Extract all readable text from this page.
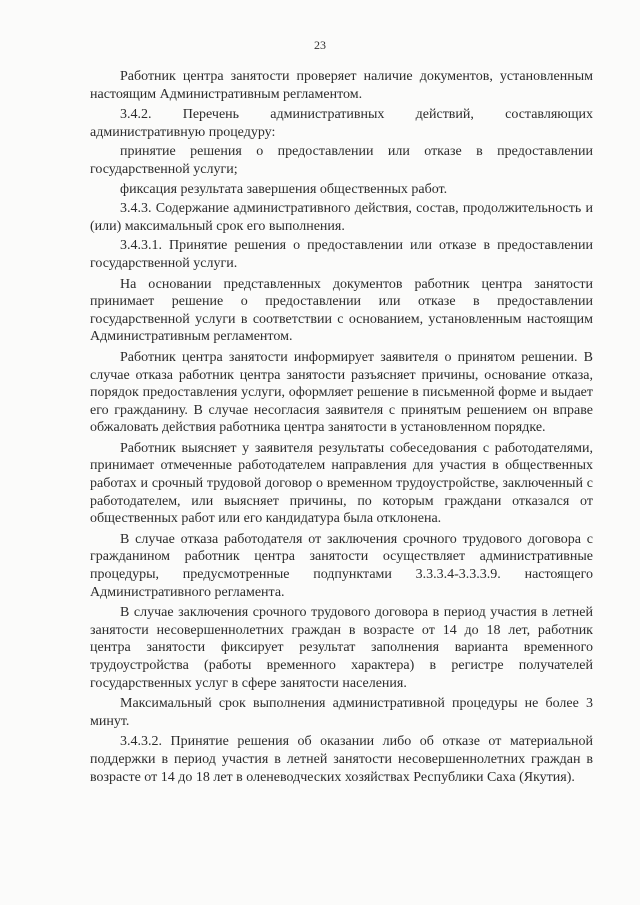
23

Работник центра занятости проверяет наличие документов, установленным настоящим Административным регламентом.

3.4.2. Перечень административных действий, составляющих административную процедуру:

принятие решения о предоставлении или отказе в предоставлении государственной услуги;

фиксация результата завершения общественных работ.

3.4.3. Содержание административного действия, состав, продолжительность и (или) максимальный срок его выполнения.

3.4.3.1. Принятие решения о предоставлении или отказе в предоставлении государственной услуги.

На основании представленных документов работник центра занятости принимает решение о предоставлении или отказе в предоставлении государственной услуги в соответствии с основанием, установленным настоящим Административным регламентом.

Работник центра занятости информирует заявителя о принятом решении. В случае отказа работник центра занятости разъясняет причины, основание отказа, порядок предоставления услуги, оформляет решение в письменной форме и выдает его гражданину. В случае несогласия заявителя с принятым решением он вправе обжаловать действия работника центра занятости в установленном порядке.

Работник выясняет у заявителя результаты собеседования с работодателями, принимает отмеченные работодателем направления для участия в общественных работах и срочный трудовой договор о временном трудоустройстве, заключенный с работодателем, или выясняет причины, по которым граждани отказался от общественных работ или его кандидатура была отклонена.

В случае отказа работодателя от заключения срочного трудового договора с гражданином работник центра занятости осуществляет административные процедуры, предусмотренные подпунктами 3.3.3.4-3.3.3.9. настоящего Административного регламента.

В случае заключения срочного трудового договора в период участия в летней занятости несовершеннолетних граждан в возрасте от 14 до 18 лет, работник центра занятости фиксирует результат заполнения варианта временного трудоустройства (работы временного характера) в регистре получателей государственных услуг в сфере занятости населения.

Максимальный срок выполнения административной процедуры не более 3 минут.

3.4.3.2. Принятие решения об оказании либо об отказе от материальной поддержки в период участия в летней занятости несовершеннолетних граждан в возрасте от 14 до 18 лет в оленеводческих хозяйствах Республики Саха (Якутия).
